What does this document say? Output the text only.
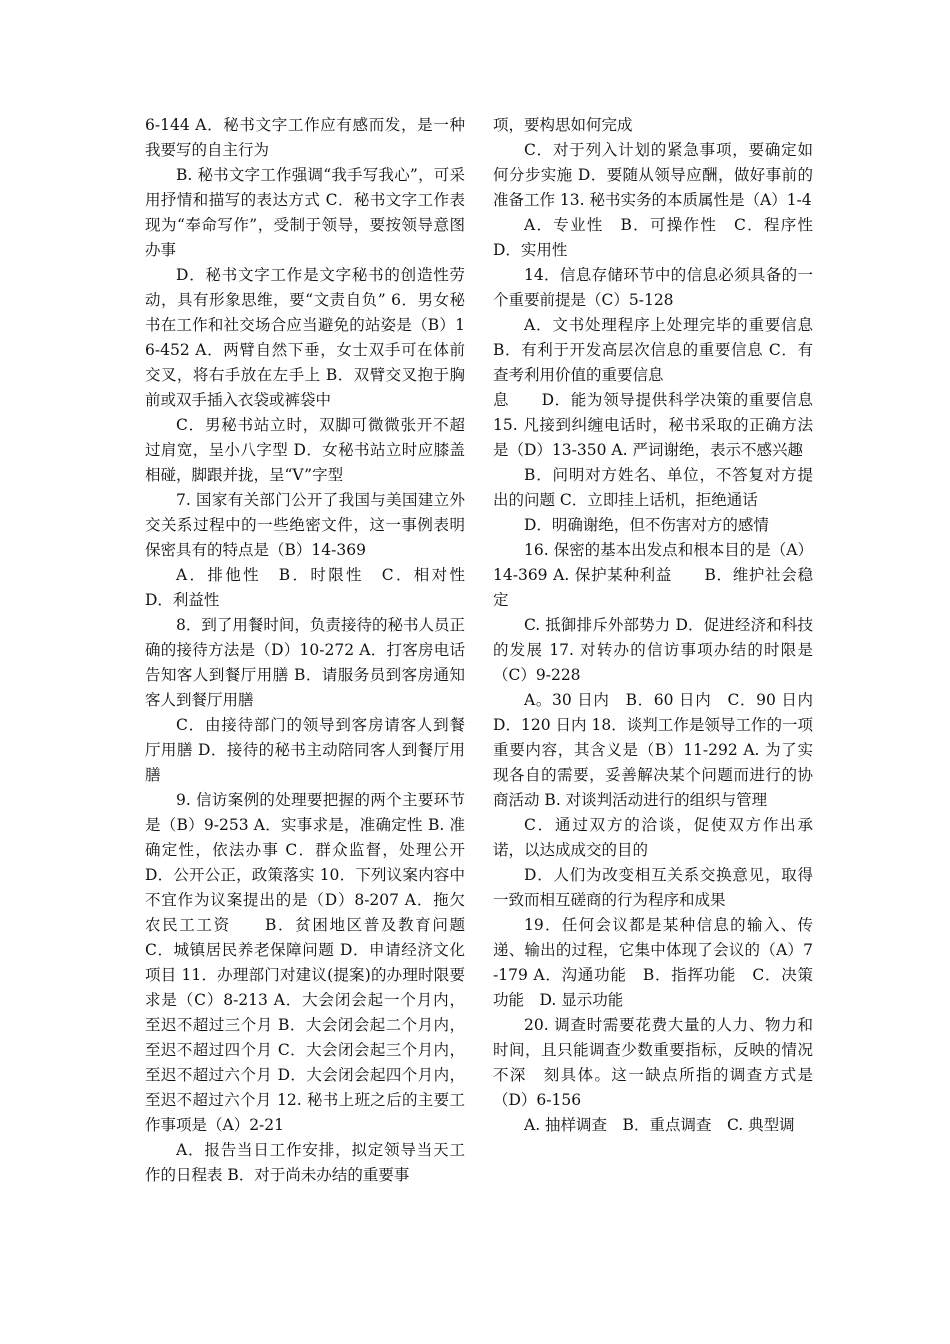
6-144 A．秘书文字工作应有感而发，是一种我要写的自主行为

B. 秘书文字工作强调“我手写我心”，可采用抒情和描写的表达方式 C．秘书文字工作表现为“奉命写作”，受制于领导，要按领导意图办事

D．秘书文字工作是文字秘书的创造性劳动，具有形象思维，要“文责自负” 6．男女秘书在工作和社交场合应当避免的站姿是（B）16-452 A．两臂自然下垂，女士双手可在体前交叉，将右手放在左手上 B．双臂交叉抱于胸前或双手插入衣袋或裤袋中

C．男秘书站立时，双脚可微微张开不超过肩宽，呈小八字型 D．女秘书站立时应膝盖相碰，脚跟并拢，呈“V”字型

7. 国家有关部门公开了我国与美国建立外交关系过程中的一些绝密文件，这一事例表明　保密具有的特点是（B）14-369

A．排他性　B．时限性　C．相对性　D．利益性

8．到了用餐时间，负责接待的秘书人员正确的接待方法是（D）10-272 A．打客房电话告知客人到餐厅用膳 B．请服务员到客房通知客人到餐厅用膳

C．由接待部门的领导到客房请客人到餐厅用膳 D．接待的秘书主动陪同客人到餐厅用膳

9. 信访案例的处理要把握的两个主要环节是（B）9-253 A．实事求是，准确定性 B. 准确定性，依法办事 C．群众监督，处理公开　D．公开公正，政策落实 10．下列议案内容中不宜作为议案提出的是（D）8-207 A．拖欠农民工工资　　B．贫困地区普及教育问题 C．城镇居民养老保障问题 D．申请经济文化项目 11．办理部门对建议(提案)的办理时限要求是（C）8-213 A．大会闭会起一个月内，至迟不超过三个月 B．大会闭会起二个月内，至迟不超过四个月 C．大会闭会起三个月内，至迟不超过六个月 D．大会闭会起四个月内，至迟不超过六个月 12. 秘书上班之后的主要工作事项是（A）2-21

A．报告当日工作安排，拟定领导当天工作的日程表 B．对于尚未办结的重要事

项，要构思如何完成

C．对于列入计划的紧急事项，要确定如何分步实施 D．要随从领导应酬，做好事前的准备工作 13. 秘书实务的本质属性是（A）1-4

A．专业性　B．可操作性　C．程序性　D．实用性

14．信息存储环节中的信息必须具备的一个重要前提是（C）5-128

A．文书处理程序上处理完毕的重要信息　B．有利于开发高层次信息的重要信息 C．有查考利用价值的重要信息

息　　D．能为领导提供科学决策的重要信息 15. 凡接到纠缠电话时，秘书采取的正确方法是（D）13-350 A. 严词谢绝，表示不感兴趣

B．问明对方姓名、单位，不答复对方提出的问题 C．立即挂上话机，拒绝通话

D．明确谢绝，但不伤害对方的感情

16. 保密的基本出发点和根本目的是（A）14-369 A. 保护某种利益　　B．维护社会稳定

C. 抵御排斥外部势力 D．促进经济和科技的发展 17. 对转办的信访事项办结的时限是（C）9-228

A。30 日内　B．60 日内　C．90 日内　D．120 日内 18．谈判工作是领导工作的一项重要内容，其含义是（B）11-292 A. 为了实现各自的需要，妥善解决某个问题而进行的协商活动 B. 对谈判活动进行的组织与管理

C．通过双方的洽谈，促使双方作出承诺，以达成成交的目的

D．人们为改变相互关系交换意见，取得一致而相互磋商的行为程序和成果

19．任何会议都是某种信息的输入、传递、输出的过程，它集中体现了会议的（A）7-179 A．沟通功能　B．指挥功能　C．决策功能　D. 显示功能

20. 调查时需要花费大量的人力、物力和时间，且只能调查少数重要指标，反映的情况不深　刻具体。这一缺点所指的调查方式是（D）6-156

A. 抽样调查　B．重点调查　C. 典型调
